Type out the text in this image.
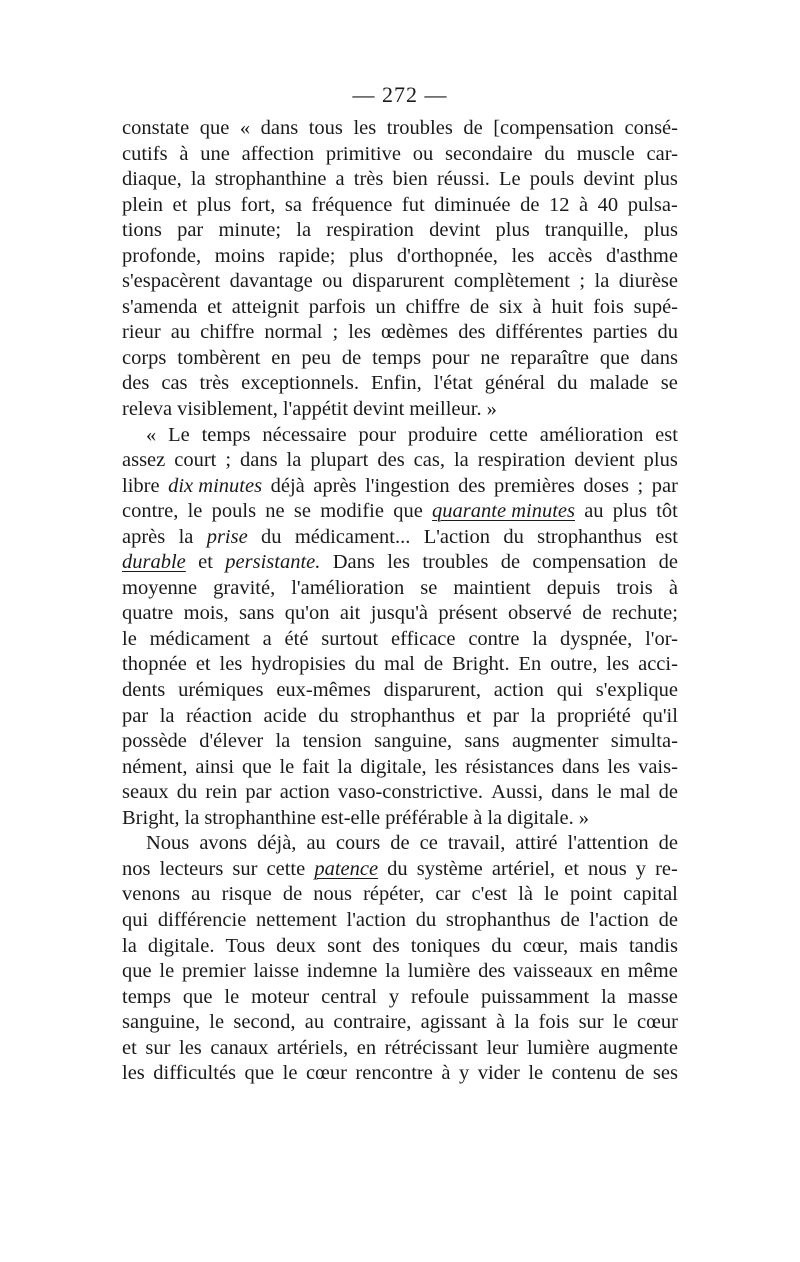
— 272 —
constate que « dans tous les troubles de [compensation consé-
cutifs à une affection primitive ou secondaire du muscle car-
diaque, la strophanthine a très bien réussi. Le pouls devint plus
plein et plus fort, sa fréquence fut diminuée de 12 à 40 pulsa-
tions par minute; la respiration devint plus tranquille, plus
profonde, moins rapide; plus d'orthopnée, les accès d'asthme
s'espacèrent davantage ou disparurent complètement ; la diurèse
s'amenda et atteignit parfois un chiffre de six à huit fois supé-
rieur au chiffre normal ; les œdèmes des différentes parties du
corps tombèrent en peu de temps pour ne reparaître que dans
des cas très exceptionnels. Enfin, l'état général du malade se
releva visiblement, l'appétit devint meilleur. »
« Le temps nécessaire pour produire cette amélioration est
assez court ; dans la plupart des cas, la respiration devient plus
libre dix minutes déjà après l'ingestion des premières doses ; par
contre, le pouls ne se modifie que quarante minutes au plus tôt
après la prise du médicament... L'action du strophanthus est
durable et persistante. Dans les troubles de compensation de
moyenne gravité, l'amélioration se maintient depuis trois à
quatre mois, sans qu'on ait jusqu'à présent observé de rechute;
le médicament a été surtout efficace contre la dyspnée, l'or-
thopnée et les hydropisies du mal de Bright. En outre, les acci-
dents urémiques eux-mêmes disparurent, action qui s'explique
par la réaction acide du strophanthus et par la propriété qu'il
possède d'élever la tension sanguine, sans augmenter simulta-
nément, ainsi que le fait la digitale, les résistances dans les vais-
seaux du rein par action vaso-constrictive. Aussi, dans le mal de
Bright, la strophanthine est-elle préférable à la digitale. »
Nous avons déjà, au cours de ce travail, attiré l'attention de
nos lecteurs sur cette patence du système artériel, et nous y re-
venons au risque de nous répéter, car c'est là le point capital
qui différencie nettement l'action du strophanthus de l'action de
la digitale. Tous deux sont des toniques du cœur, mais tandis
que le premier laisse indemne la lumière des vaisseaux en même
temps que le moteur central y refoule puissamment la masse
sanguine, le second, au contraire, agissant à la fois sur le cœur
et sur les canaux artériels, en rétrécissant leur lumière augmente
les difficultés que le cœur rencontre à y vider le contenu de ses
